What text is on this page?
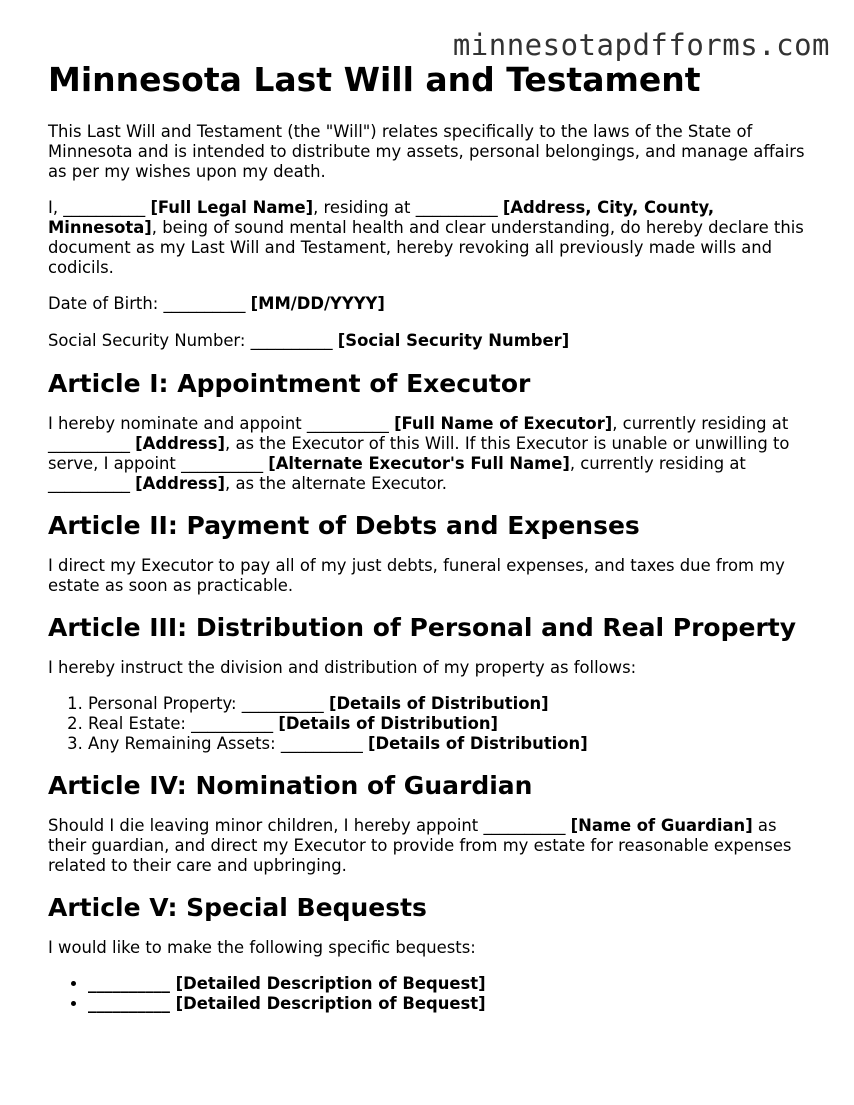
minnesotapdfforms.com
Minnesota Last Will and Testament

This Last Will and Testament (the "Will") relates specifically to the laws of the State of Minnesota and is intended to distribute my assets, personal belongings, and manage affairs as per my wishes upon my death.

I, __________ [Full Legal Name], residing at __________ [Address, City, County, Minnesota], being of sound mental health and clear understanding, do hereby declare this document as my Last Will and Testament, hereby revoking all previously made wills and codicils.

Date of Birth: __________ [MM/DD/YYYY]

Social Security Number: __________ [Social Security Number]

Article I: Appointment of Executor

I hereby nominate and appoint __________ [Full Name of Executor], currently residing at __________ [Address], as the Executor of this Will. If this Executor is unable or unwilling to serve, I appoint __________ [Alternate Executor's Full Name], currently residing at __________ [Address], as the alternate Executor.

Article II: Payment of Debts and Expenses

I direct my Executor to pay all of my just debts, funeral expenses, and taxes due from my estate as soon as practicable.

Article III: Distribution of Personal and Real Property

I hereby instruct the division and distribution of my property as follows:

1. Personal Property: __________ [Details of Distribution]
2. Real Estate: __________ [Details of Distribution]
3. Any Remaining Assets: __________ [Details of Distribution]
Article IV: Nomination of Guardian

Should I die leaving minor children, I hereby appoint __________ [Name of Guardian] as their guardian, and direct my Executor to provide from my estate for reasonable expenses related to their care and upbringing.

Article V: Special Bequests

I would like to make the following specific bequests:

• __________ [Detailed Description of Bequest]
• __________ [Detailed Description of Bequest]
